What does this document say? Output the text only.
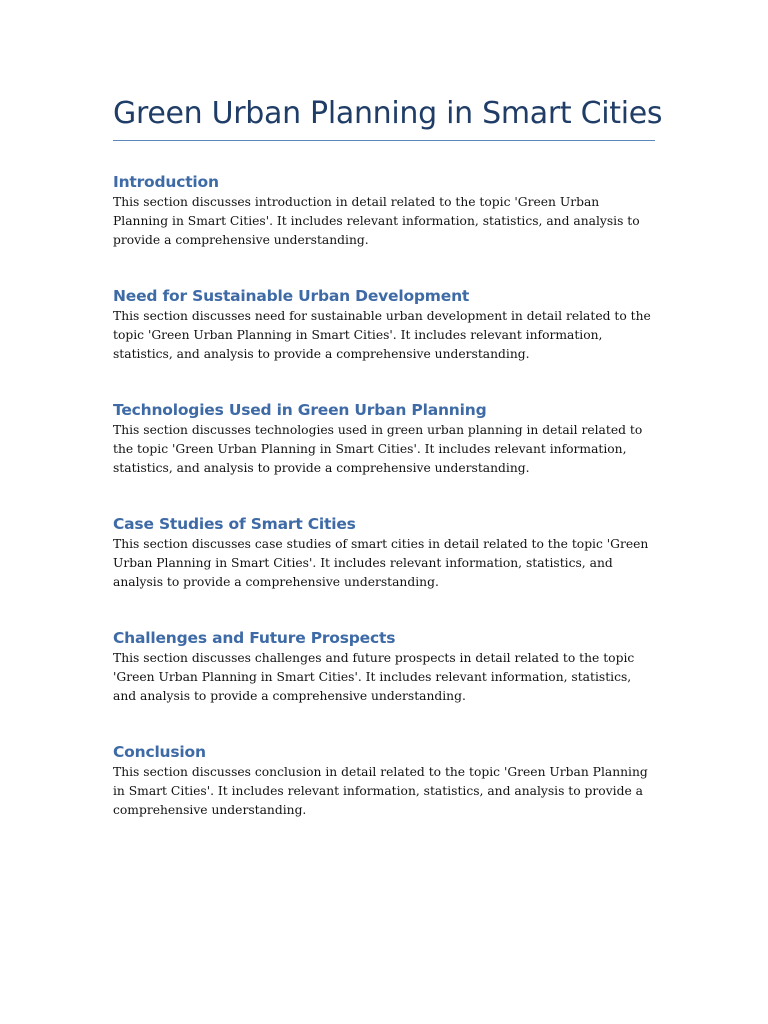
Green Urban Planning in Smart Cities
Introduction

This section discusses introduction in detail related to the topic 'Green Urban Planning in Smart Cities'. It includes relevant information, statistics, and analysis to provide a comprehensive understanding.

Need for Sustainable Urban Development

This section discusses need for sustainable urban development in detail related to the topic 'Green Urban Planning in Smart Cities'. It includes relevant information, statistics, and analysis to provide a comprehensive understanding.

Technologies Used in Green Urban Planning

This section discusses technologies used in green urban planning in detail related to the topic 'Green Urban Planning in Smart Cities'. It includes relevant information, statistics, and analysis to provide a comprehensive understanding.

Case Studies of Smart Cities

This section discusses case studies of smart cities in detail related to the topic 'Green Urban Planning in Smart Cities'. It includes relevant information, statistics, and analysis to provide a comprehensive understanding.

Challenges and Future Prospects

This section discusses challenges and future prospects in detail related to the topic 'Green Urban Planning in Smart Cities'. It includes relevant information, statistics, and analysis to provide a comprehensive understanding.

Conclusion

This section discusses conclusion in detail related to the topic 'Green Urban Planning in Smart Cities'. It includes relevant information, statistics, and analysis to provide a comprehensive understanding.
